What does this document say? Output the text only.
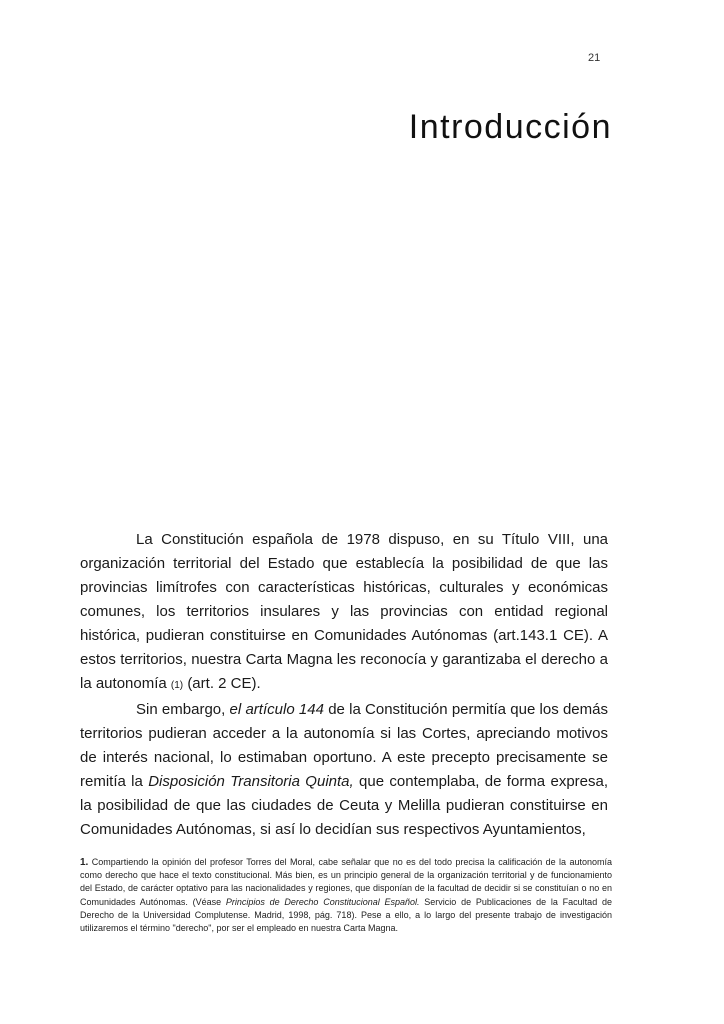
21
Introducción

La Constitución española de 1978 dispuso, en su Título VIII, una organización territorial del Estado que establecía la posibilidad de que las provincias limítrofes con características históricas, culturales y económicas comunes, los territorios insulares y las provincias con entidad regional histórica, pudieran constituirse en Comunidades Autónomas (art.143.1 CE). A estos territorios, nuestra Carta Magna les reconocía y garantizaba el derecho a la autonomía (1) (art. 2 CE).

Sin embargo, el artículo 144 de la Constitución permitía que los demás territorios pudieran acceder a la autonomía si las Cortes, apreciando motivos de interés nacional, lo estimaban oportuno. A este precepto precisamente se remitía la Disposición Transitoria Quinta, que contemplaba, de forma expresa, la posibilidad de que las ciudades de Ceuta y Melilla pudieran constituirse en Comunidades Autónomas, si así lo decidían sus respectivos Ayuntamientos,

1. Compartiendo la opinión del profesor Torres del Moral, cabe señalar que no es del todo precisa la calificación de la autonomía como derecho que hace el texto constitucional. Más bien, es un principio general de la organización territorial y de funcionamiento del Estado, de carácter optativo para las nacionalidades y regiones, que disponían de la facultad de decidir si se constituían o no en Comunidades Autónomas. (Véase Principios de Derecho Constitucional Español. Servicio de Publicaciones de la Facultad de Derecho de la Universidad Complutense. Madrid, 1998, pág. 718). Pese a ello, a lo largo del presente trabajo de investigación utilizaremos el término "derecho", por ser el empleado en nuestra Carta Magna.
